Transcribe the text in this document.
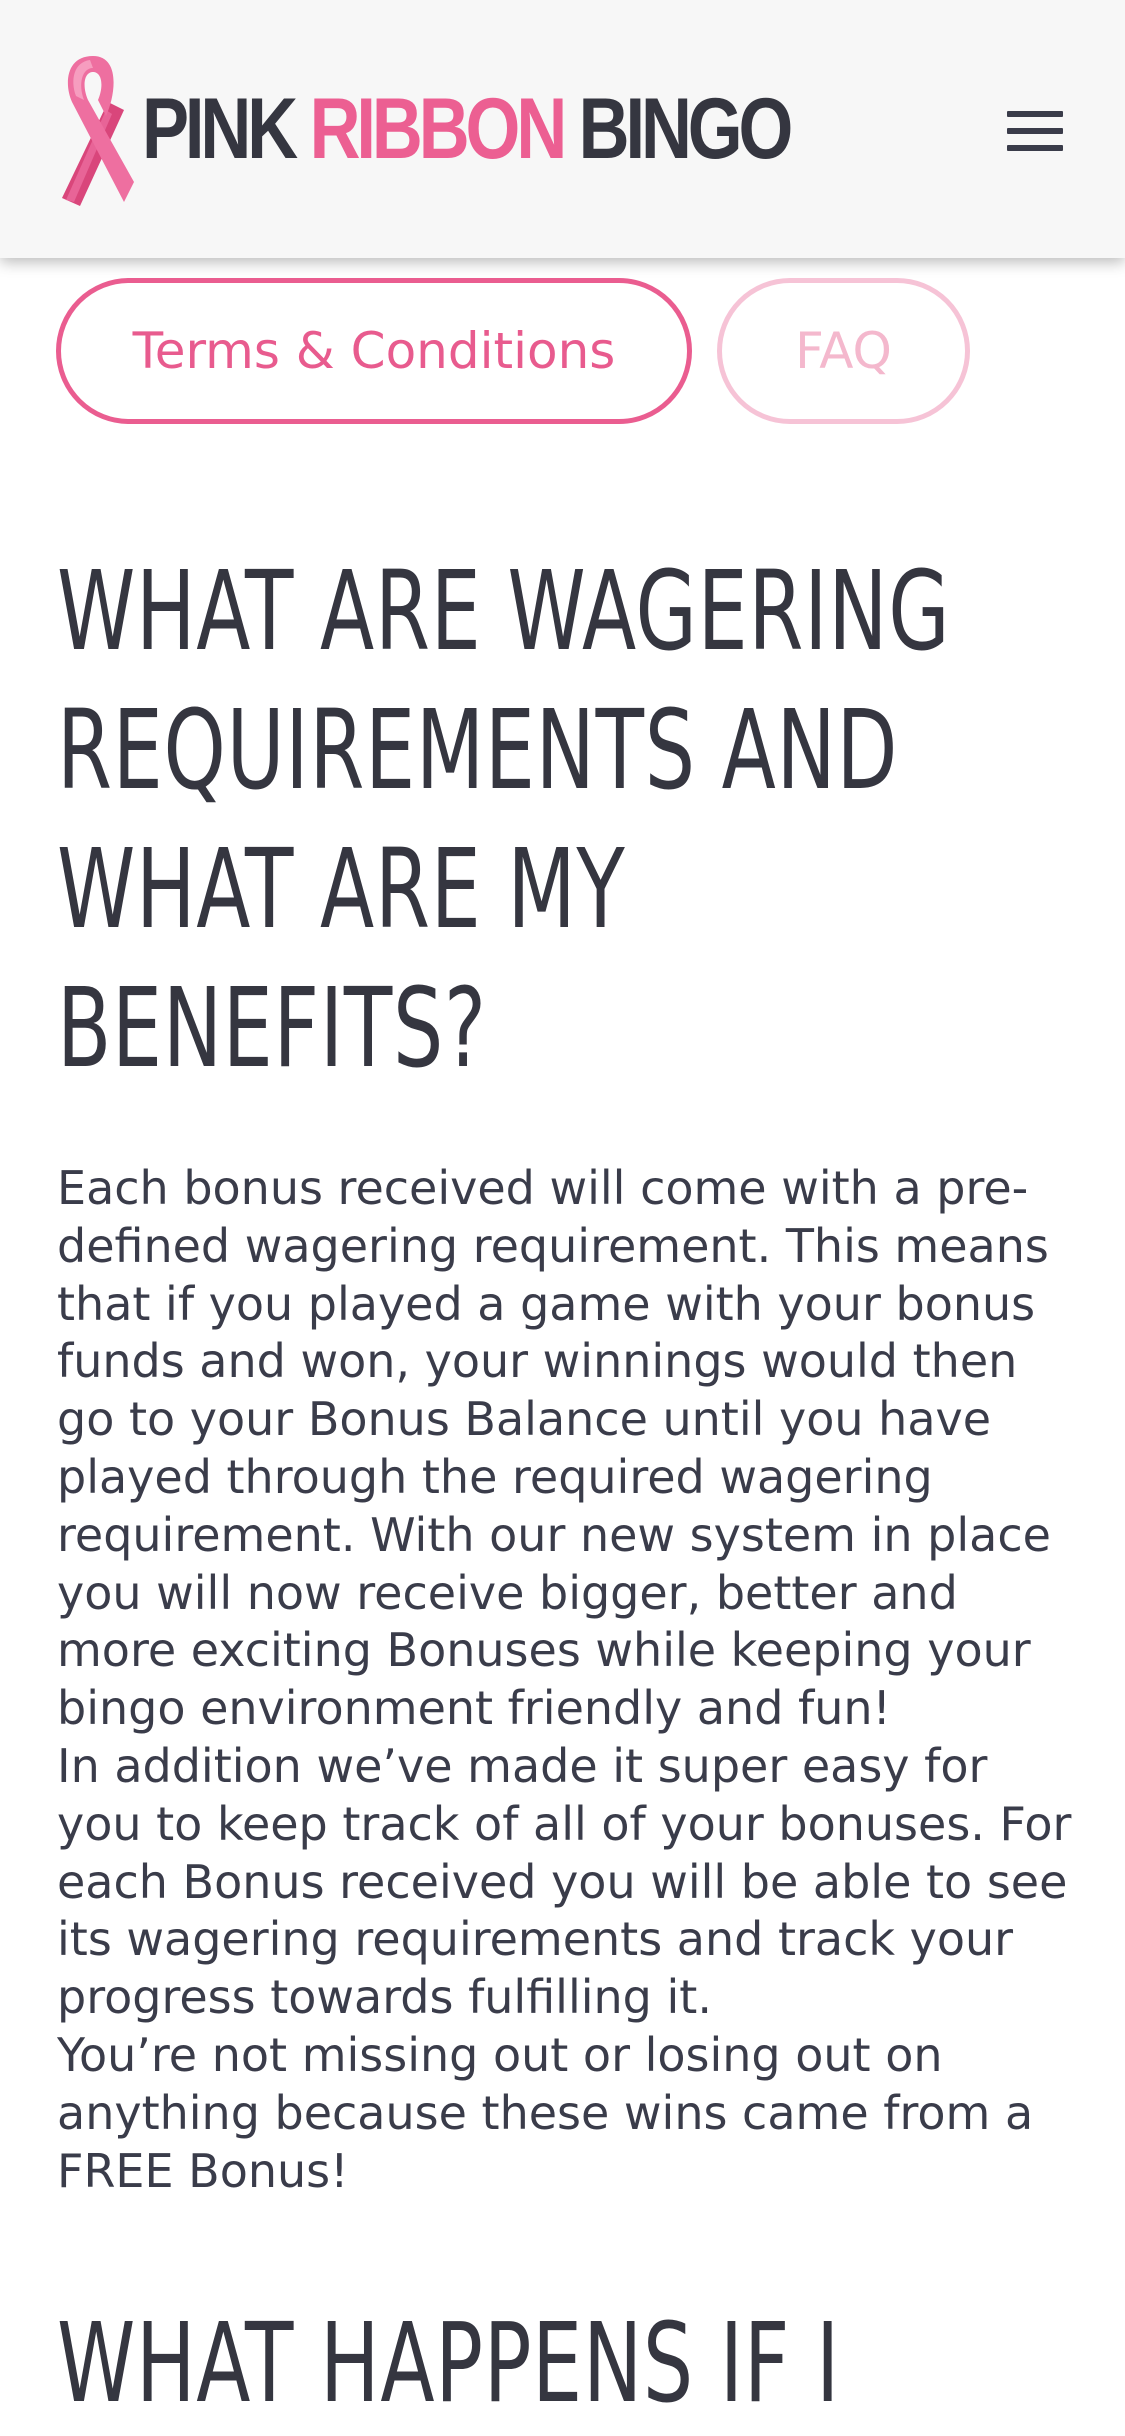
PINK RIBBON BINGO
Terms & Conditions	FAQ
WHAT ARE WAGERING
REQUIREMENTS AND
WHAT ARE MY
BENEFITS?

Each bonus received will come with a pre-defined wagering requirement. This means that if you played a game with your bonus funds and won, your winnings would then go to your Bonus Balance until you have played through the required wagering requirement. With our new system in place you will now receive bigger, better and more exciting Bonuses while keeping your bingo environment friendly and fun!

In addition we’ve made it super easy for you to keep track of all of your bonuses. For each Bonus received you will be able to see its wagering requirements and track your progress towards fulfilling it.

You’re not missing out or losing out on anything because these wins came from a FREE Bonus!

WHAT HAPPENS IF I
